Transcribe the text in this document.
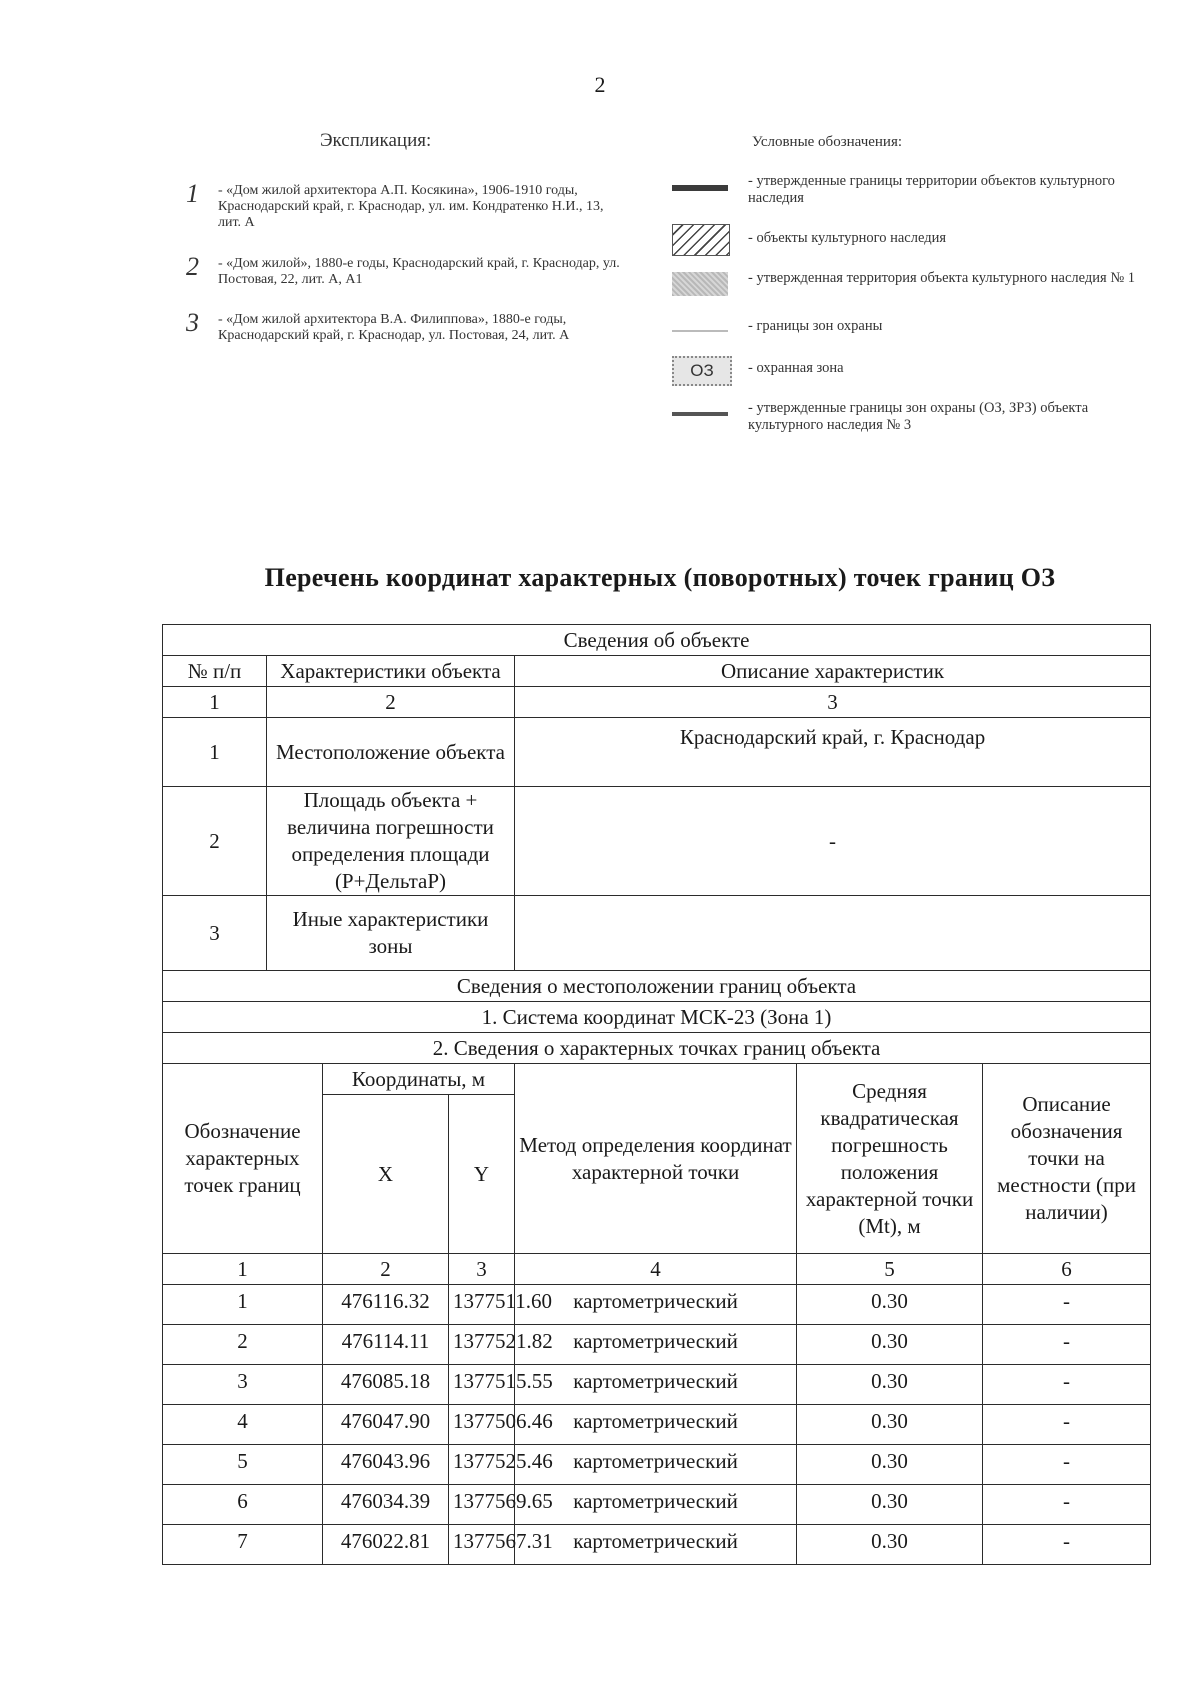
2
Экспликация:
1 - «Дом жилой архитектора А.П. Косякина», 1906-1910 годы, Краснодарский край, г. Краснодар, ул. им. Кондратенко Н.И., 13, лит. А
2 - «Дом жилой», 1880-е годы, Краснодарский край, г. Краснодар, ул. Постовая, 22, лит. А, А1
3 - «Дом жилой архитектора В.А. Филиппова», 1880-е годы, Краснодарский край, г. Краснодар, ул. Постовая, 24, лит. А
Условные обозначения:
- утвержденные границы территории объектов культурного наследия
- объекты культурного наследия
- утвержденная территория объекта культурного наследия № 1
- границы зон охраны
ОЗ	- охранная зона
- утвержденные границы зон охраны (ОЗ, ЗРЗ) объекта культурного наследия № 3
Перечень координат характерных (поворотных) точек границ ОЗ
Сведения об объекте						
№ п/п	Характеристики объекта			Описание характеристик		
1	2			3		
1	Местоположение объекта			Краснодарский край, г. Краснодар		
2	Площадь объекта + величина погрешности определения площади (P+ДельтаP)			-		
3	Иные характеристики зоны					
Сведения о местоположении границ объекта						
1. Система координат МСК-23 (Зона 1)						
2. Сведения о характерных точках границ объекта						
Обозначение характерных точек границ		Координаты, м		Метод определения координат характерной точки	Средняя квадратическая погрешность положения характерной точки (Mt), м	Описание обозначения точки на местности (при наличии)
		X	Y			
1		2	3	4	5	6
1		476116.32	1377511.60	картометрический	0.30	-
2		476114.11	1377521.82	картометрический	0.30	-
3		476085.18	1377515.55	картометрический	0.30	-
4		476047.90	1377506.46	картометрический	0.30	-
5		476043.96	1377525.46	картометрический	0.30	-
6		476034.39	1377569.65	картометрический	0.30	-
7		476022.81	1377567.31	картометрический	0.30	-
